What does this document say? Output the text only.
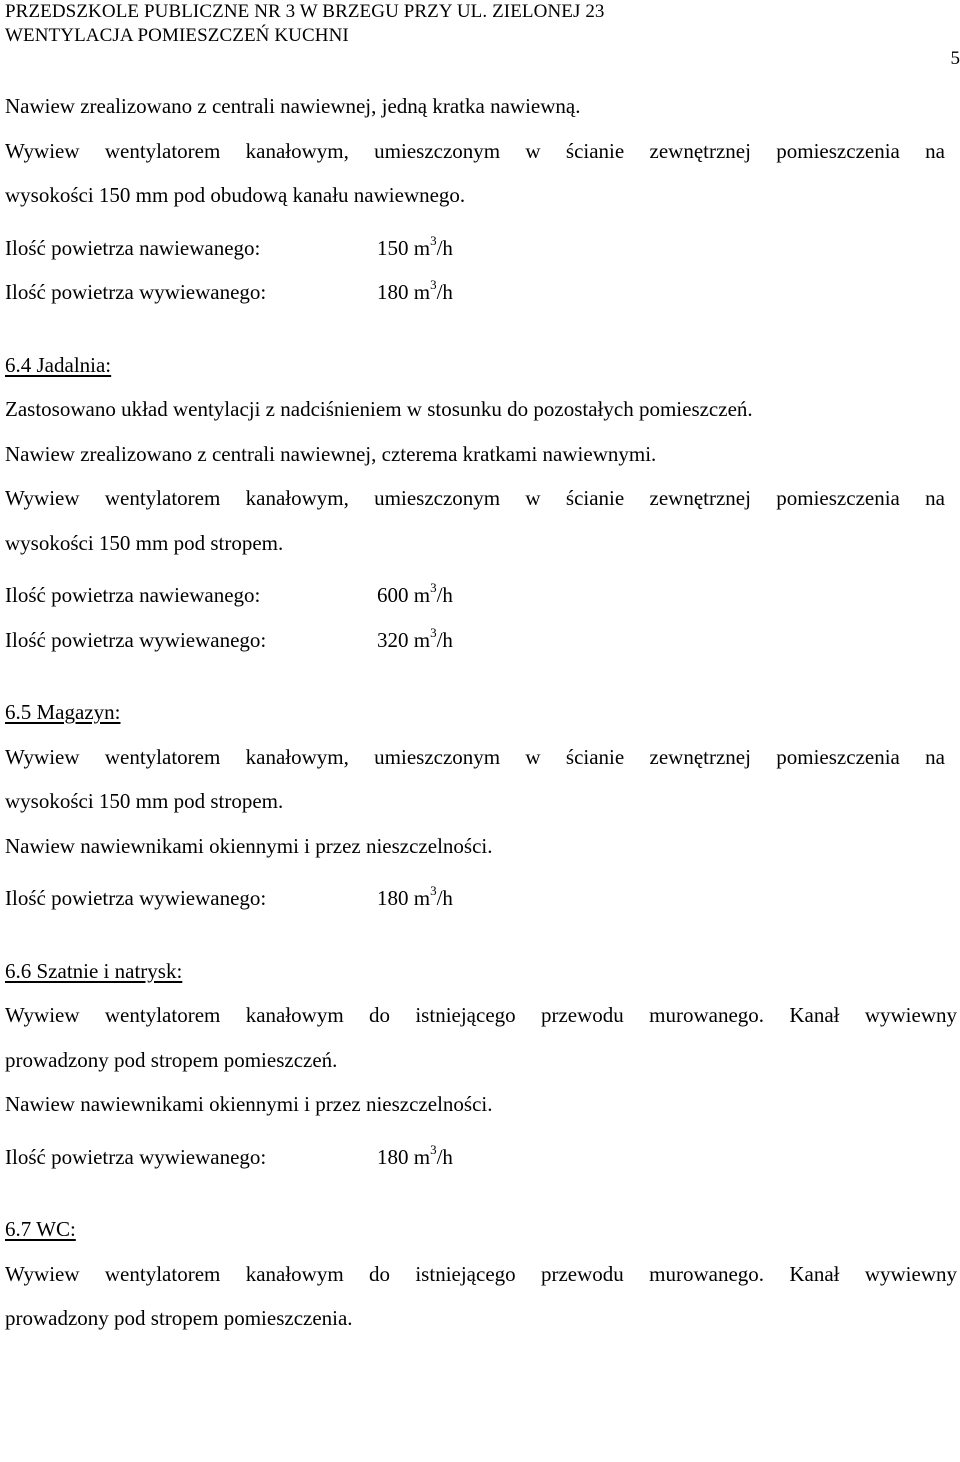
PRZEDSZKOLE PUBLICZNE NR 3 W BRZEGU PRZY UL. ZIELONEJ 23
WENTYLACJA POMIESZCZEŃ KUCHNI
5
Nawiew zrealizowano z centrali nawiewnej, jedną kratka nawiewną.
Wywiew wentylatorem kanałowym, umieszczonym w ścianie zewnętrznej pomieszczenia na
wysokości 150 mm pod obudową kanału nawiewnego.
Ilość powietrza nawiewanego:	150 $m^3/h$
Ilość powietrza wywiewanego:	180 $m^3/h$
6.4 Jadalnia:
Zastosowano układ wentylacji z nadciśnieniem w stosunku do pozostałych pomieszczeń.
Nawiew zrealizowano z centrali nawiewnej, czterema kratkami nawiewnymi.
Wywiew wentylatorem kanałowym, umieszczonym w ścianie zewnętrznej pomieszczenia na
wysokości 150 mm pod stropem.
Ilość powietrza nawiewanego:	600 $m^3/h$
Ilość powietrza wywiewanego:	320 $m^3/h$
6.5 Magazyn:
Wywiew wentylatorem kanałowym, umieszczonym w ścianie zewnętrznej pomieszczenia na
wysokości 150 mm pod stropem.
Nawiew nawiewnikami okiennymi i przez nieszczelności.
Ilość powietrza wywiewanego:	180 $m^3/h$
6.6 Szatnie i natrysk:
Wywiew wentylatorem kanałowym do istniejącego przewodu murowanego. Kanał wywiewny
prowadzony pod stropem pomieszczeń.
Nawiew nawiewnikami okiennymi i przez nieszczelności.
Ilość powietrza wywiewanego:	180 $m^3/h$
6.7 WC:
Wywiew wentylatorem kanałowym do istniejącego przewodu murowanego. Kanał wywiewny
prowadzony pod stropem pomieszczenia.
